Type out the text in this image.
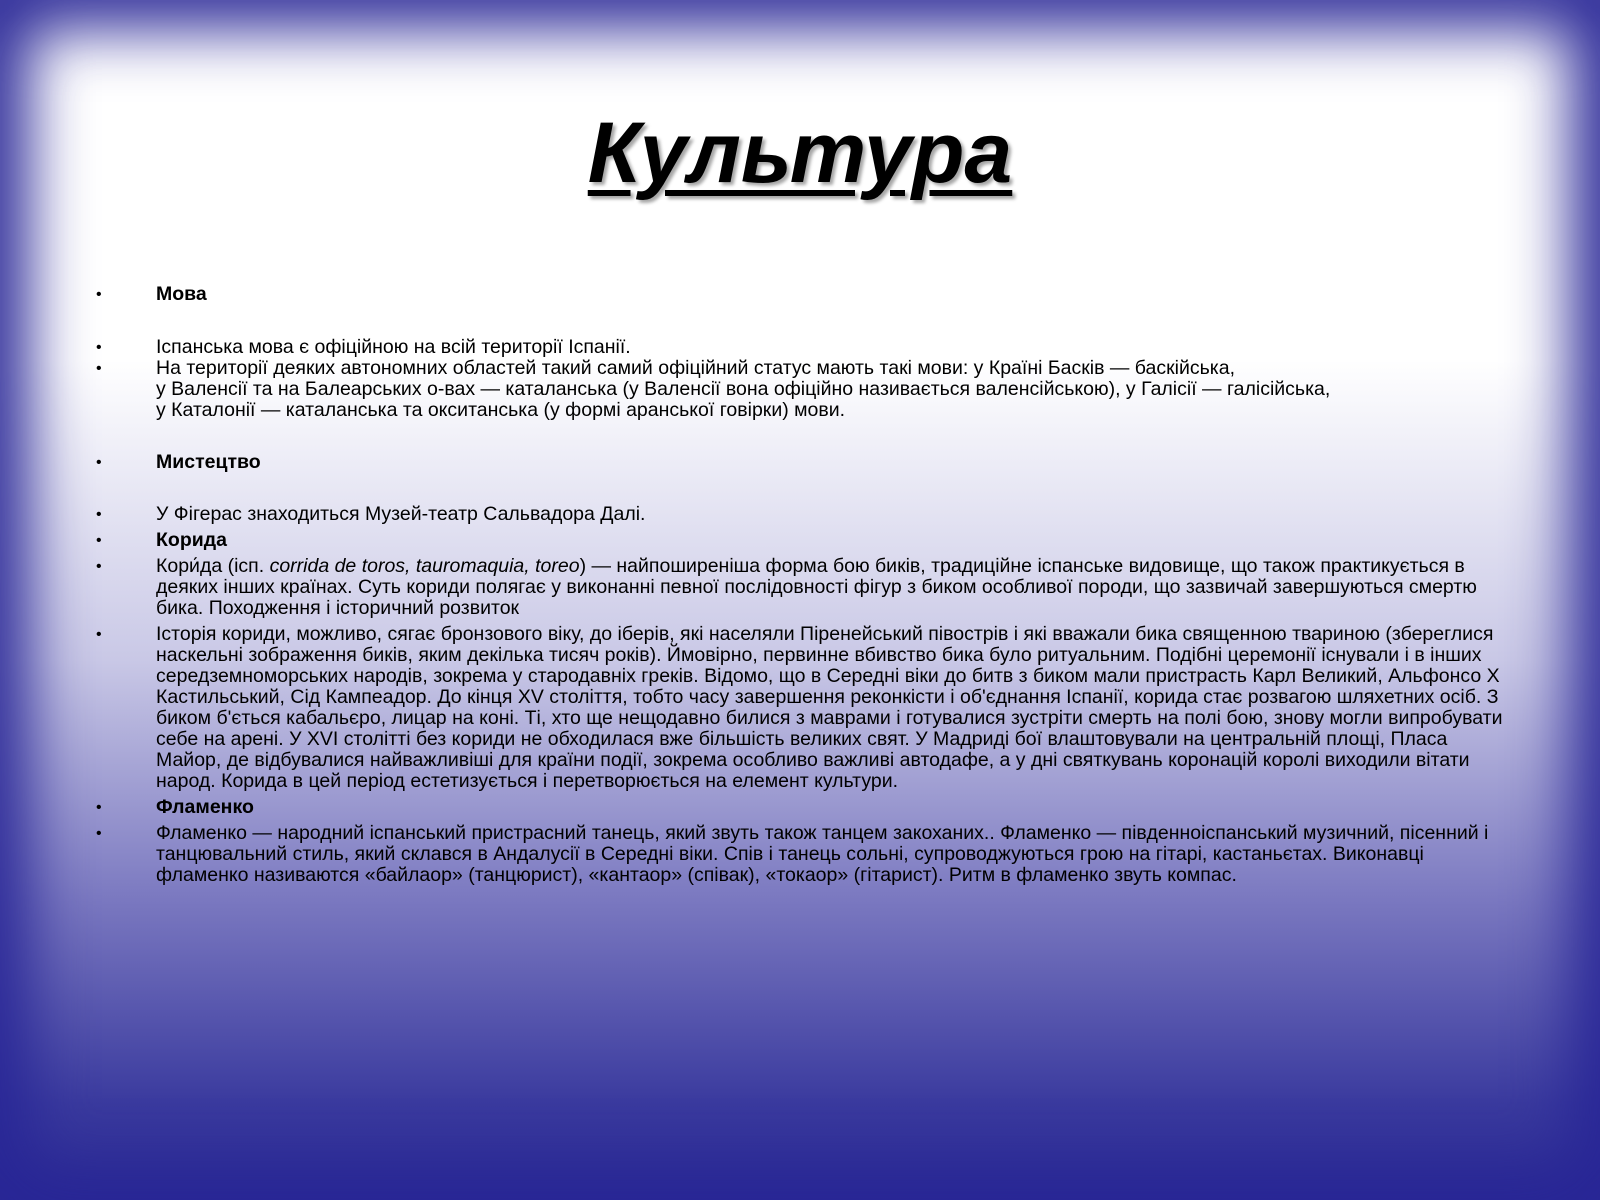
Культура
•	Мова
•	Іспанська мова є офіційною на всій території Іспанії.
•	На території деяких автономних областей такий самий офіційний статус мають такі мови: у Країні Басків — баскійська,
у Валенсії та на Балеарських о-вах — каталанська (у Валенсії вона офіційно називається валенсійською), у Галісії — галісійська,
у Каталонії — каталанська та окситанська (у формі аранської говірки) мови.
•	Мистецтво
•	У Фігерас знаходиться Музей-театр Сальвадора Далі.
•	Корида
•	Кори́да (ісп. corrida de toros, tauromaquia, toreo) — найпоширеніша форма бою биків, традиційне іспанське видовище, що також практикується в деяких інших країнах. Суть кориди полягає у виконанні певної послідовності фігур з биком особливої породи, що зазвичай завершуються смертю бика. Походження і історичний розвиток
•	Історія кориди, можливо, сягає бронзового віку, до іберів, які населяли Піренейський півострів і які вважали бика священною твариною (збереглися наскельні зображення биків, яким декілька тисяч років). Ймовірно, первинне вбивство бика було ритуальним. Подібні церемонії існували і в інших середземноморських народів, зокрема у стародавніх греків. Відомо, що в Середні віки до битв з биком мали пристрасть Карл Великий, Альфонсо X Кастильський, Сід Кампеадор. До кінця XV століття, тобто часу завершення реконкісти і об'єднання Іспанії, корида стає розвагою шляхетних осіб. З биком б'ється кабальєро, лицар на коні. Ті, хто ще нещодавно билися з маврами і готувалися зустріти смерть на полі бою, знову могли випробувати себе на арені. У XVI столітті без кориди не обходилася вже більшість великих свят. У Мадриді бої влаштовували на центральній площі, Пласа Майор, де відбувалися найважливіші для країни події, зокрема особливо важливі автодафе, а у дні святкувань коронацій королі виходили вітати народ. Корида в цей період естетизується і перетворюється на елемент культури.
•	Фламенко
•	Фламенко — народний іспанський пристрасний танець, який звуть також танцем закоханих.. Фламенко — південноіспанський музичний, пісенний і танцювальний стиль, який склався в Андалусії в Середні віки. Спів і танець сольні, супроводжуються грою на гітарі, кастаньєтах. Виконавці фламенко називаются «байлаор» (танцюрист), «кантаор» (співак), «токаор» (гітарист). Ритм в фламенко звуть компас.
